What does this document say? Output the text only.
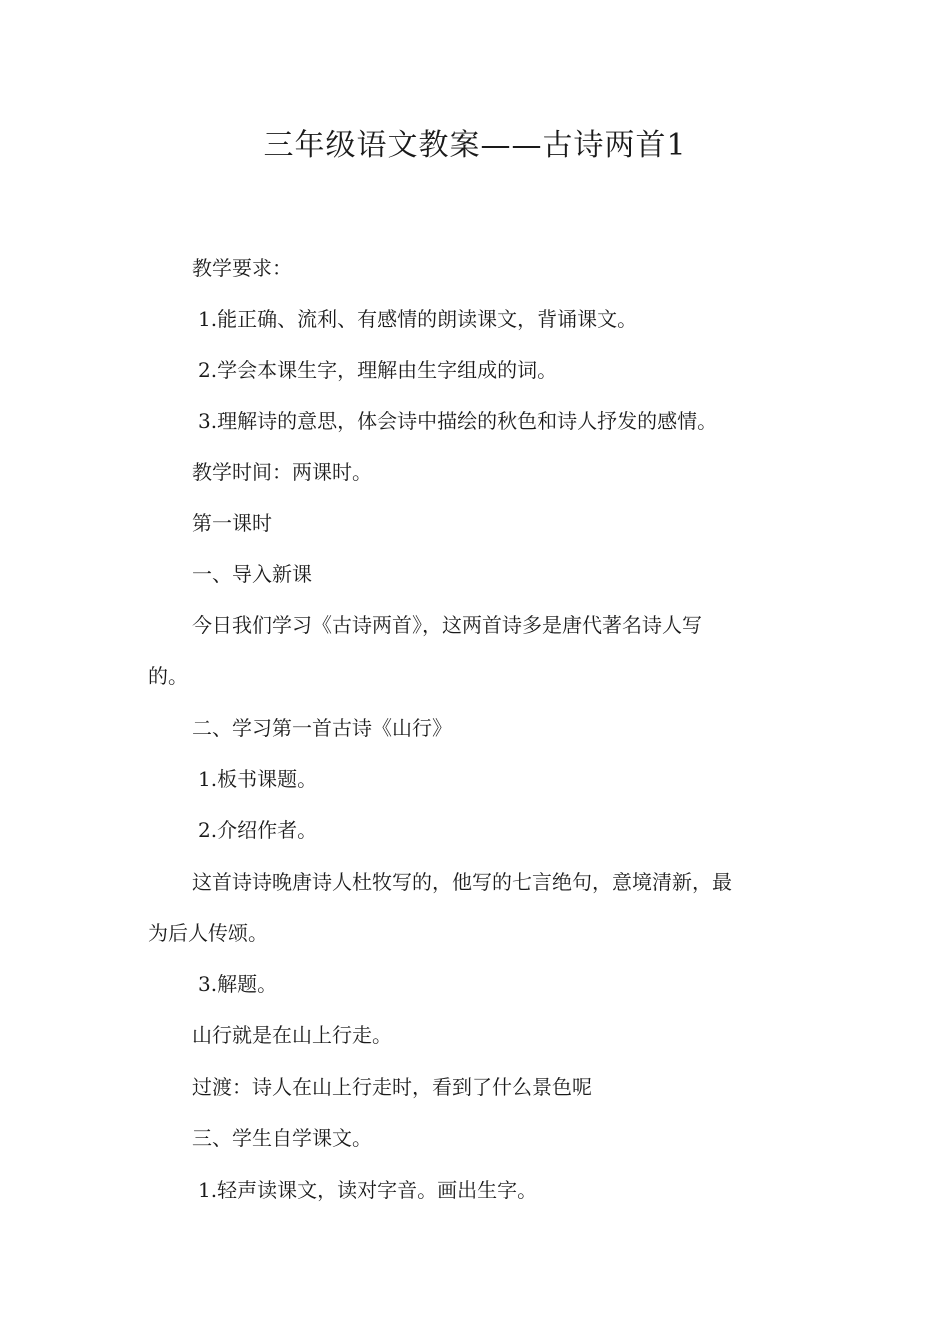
三年级语文教案——古诗两首1
教学要求：
1.能正确、流利、有感情的朗读课文，背诵课文。
2.学会本课生字，理解由生字组成的词。
3.理解诗的意思，体会诗中描绘的秋色和诗人抒发的感情。
教学时间：两课时。
第一课时
一、导入新课
今日我们学习《古诗两首》，这两首诗多是唐代著名诗人写
的。
二、学习第一首古诗《山行》
1.板书课题。
2.介绍作者。
这首诗诗晚唐诗人杜牧写的，他写的七言绝句，意境清新，最
为后人传颂。
3.解题。
山行就是在山上行走。
过渡：诗人在山上行走时，看到了什么景色呢
三、学生自学课文。
1.轻声读课文，读对字音。画出生字。
